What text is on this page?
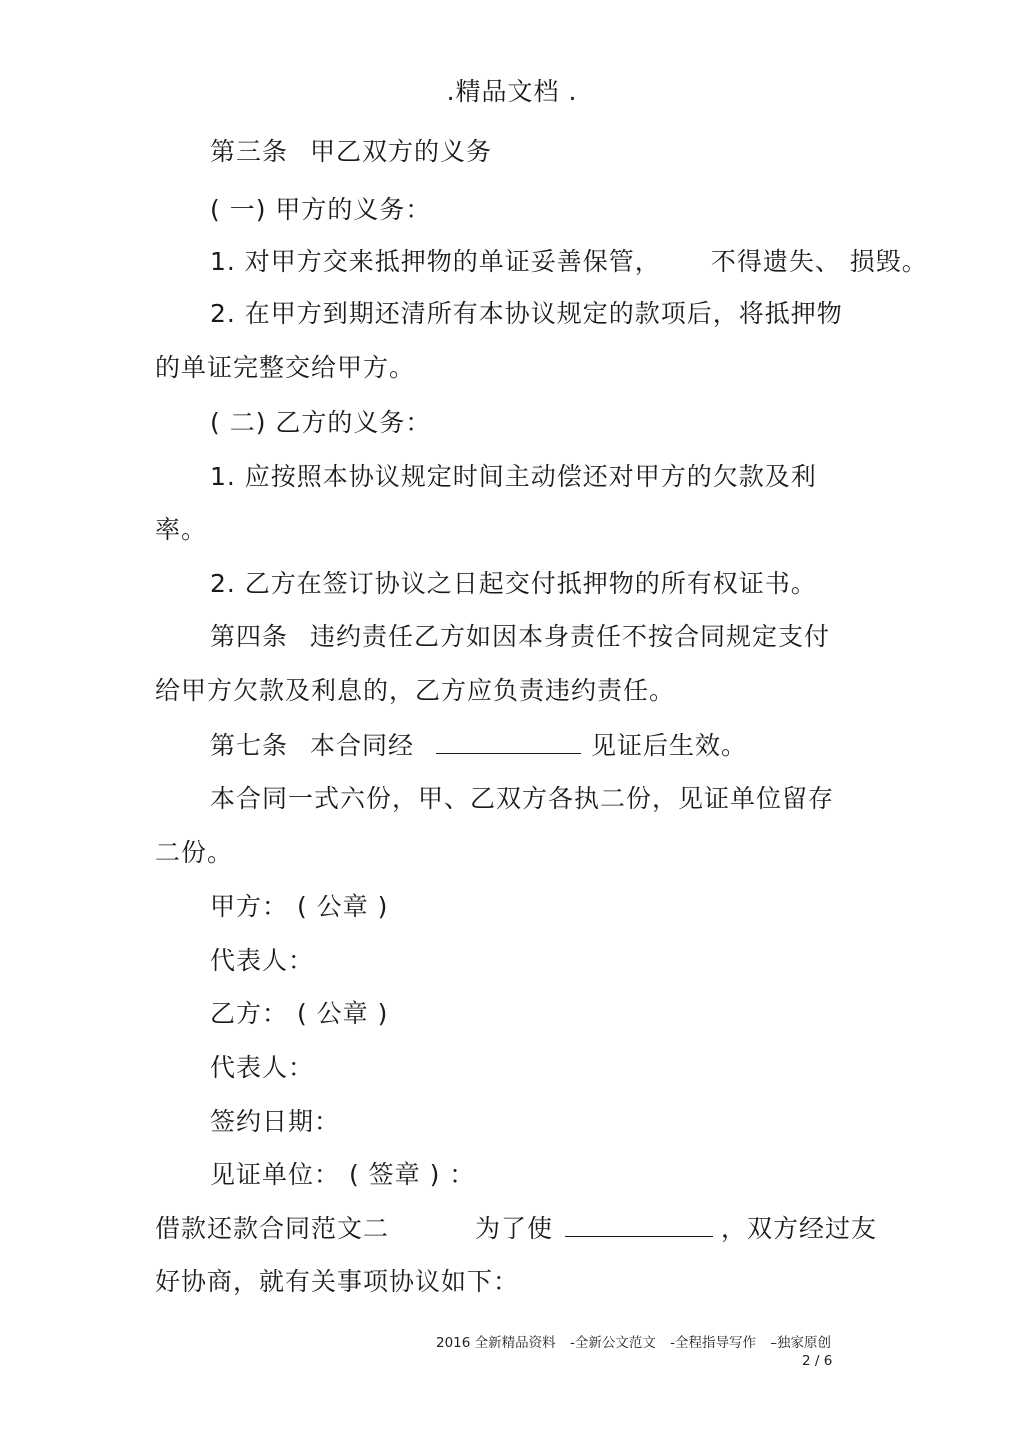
.精品文档 .
第三条 甲乙双方的义务
( 一) 甲方的义务：
1. 对甲方交来抵押物的单证妥善保管， 不得遗失、 损毁。
2. 在甲方到期还清所有本协议规定的款项后，将抵押物
的单证完整交给甲方。
( 二) 乙方的义务：
1. 应按照本协议规定时间主动偿还对甲方的欠款及利
率。
2. 乙方在签订协议之日起交付抵押物的所有权证书。
第四条 违约责任乙方如因本身责任不按合同规定支付
给甲方欠款及利息的，乙方应负责违约责任。
第七条 本合同经	见证后生效。
本合同一式六份，甲、乙双方各执二份，见证单位留存
二份。
甲方： ( 公章 )
代表人：
乙方： ( 公章 )
代表人：
签约日期：
见证单位： ( 签章 ) ：
借款还款合同范文二	为了使	，双方经过友
好协商，就有关事项协议如下：
2016 全新精品资料 -全新公文范文 -全程指导写作 –独家原创
2 / 6
